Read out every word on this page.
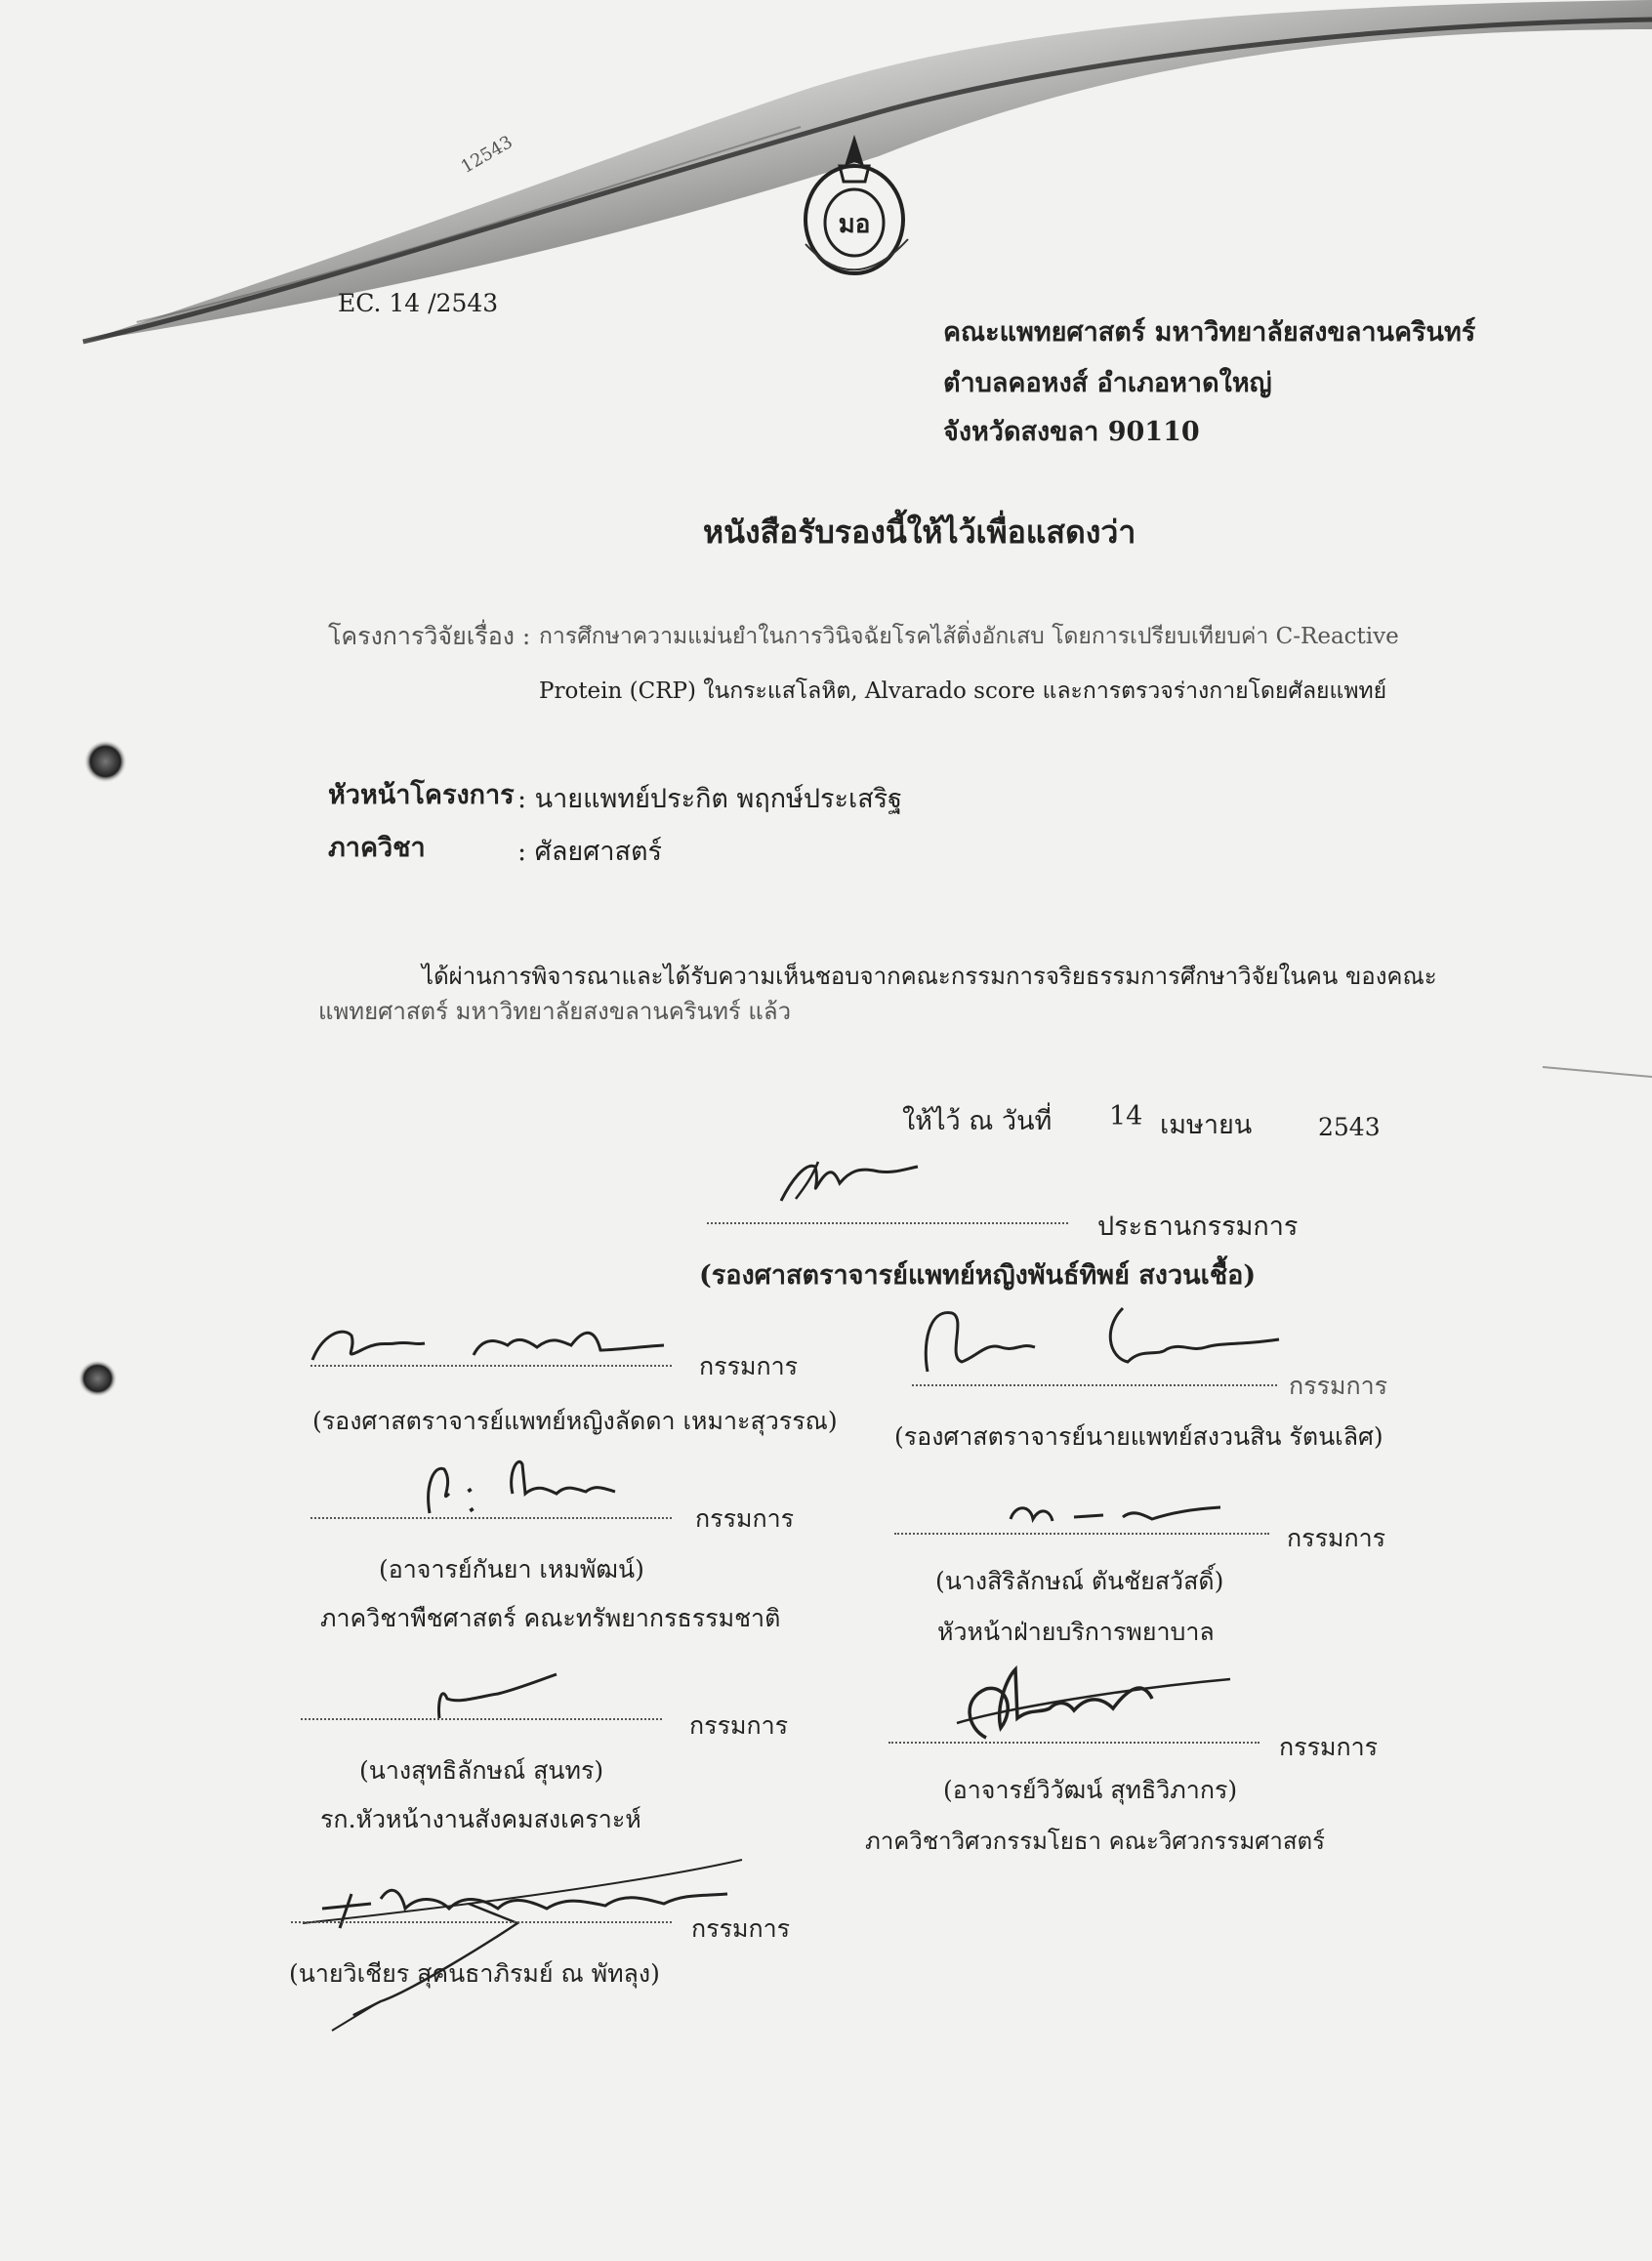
มอ
12543
EC. 14 /2543
คณะแพทยศาสตร์ มหาวิทยาลัยสงขลานครินทร์
ตำบลคอหงส์ อำเภอหาดใหญ่
จังหวัดสงขลา 90110
หนังสือรับรองนี้ให้ไว้เพื่อแสดงว่า
โครงการวิจัยเรื่อง : การศึกษาความแม่นยำในการวินิจฉัยโรคไส้ติ่งอักเสบ โดยการเปรียบเทียบค่า C-Reactive
Protein (CRP) ในกระแสโลหิต, Alvarado score และการตรวจร่างกายโดยศัลยแพทย์
หัวหน้าโครงการ : นายแพทย์ประกิต พฤกษ์ประเสริฐ
ภาควิชา	: ศัลยศาสตร์
ได้ผ่านการพิจารณาและได้รับความเห็นชอบจากคณะกรรมการจริยธรรมการศึกษาวิจัยในคน ของคณะ
แพทยศาสตร์ มหาวิทยาลัยสงขลานครินทร์ แล้ว
ให้ไว้ ณ วันที่ 14 เมษายน	2543
ประธานกรรมการ
(รองศาสตราจารย์แพทย์หญิงพันธ์ทิพย์ สงวนเชื้อ)
กรรมการ
(รองศาสตราจารย์แพทย์หญิงลัดดา เหมาะสุวรรณ)
กรรมการ
(รองศาสตราจารย์นายแพทย์สงวนสิน รัตนเลิศ)
กรรมการ
(อาจารย์กันยา เหมพัฒน์)
ภาควิชาพืชศาสตร์ คณะทรัพยากรธรรมชาติ
กรรมการ
(นางสิริลักษณ์ ตันชัยสวัสดิ์)
หัวหน้าฝ่ายบริการพยาบาล
กรรมการ
(นางสุทธิลักษณ์ สุนทร)
รก.หัวหน้างานสังคมสงเคราะห์
กรรมการ
(อาจารย์วิวัฒน์ สุทธิวิภากร)
ภาควิชาวิศวกรรมโยธา คณะวิศวกรรมศาสตร์
กรรมการ
(นายวิเชียร สุคนธาภิรมย์ ณ พัทลุง)
